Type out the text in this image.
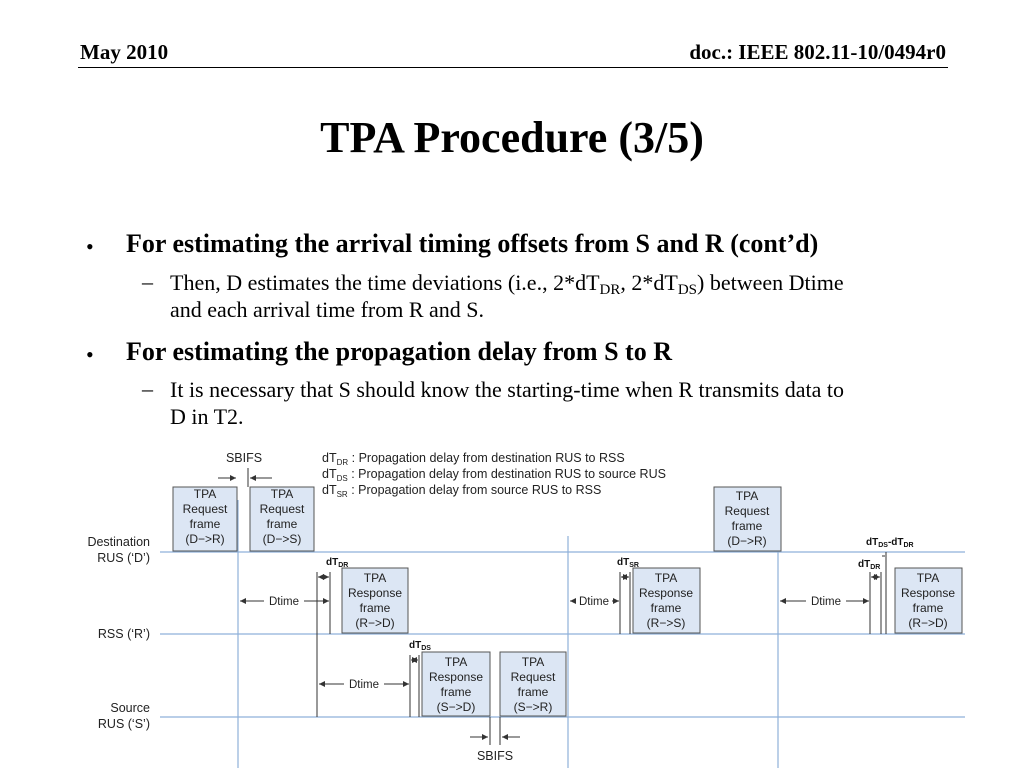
May 2010	doc.: IEEE 802.11-10/0494r0
TPA Procedure (3/5)
• For estimating the arrival timing offsets from S and R (cont’d)
– Then, D estimates the time deviations (i.e., $2*dT_{DR}$, $2*dT_{DS}$) between Dtime
and each arrival time from R and S.
• For estimating the propagation delay from S to R
– It is necessary that S should know the starting-time when R transmits data to
D in T2.
$dT_{DR}$ : Propagation delay from destination RUS to RSS
$dT_{DS}$ : Propagation delay from destination RUS to source RUS
$dT_{SR}$ : Propagation delay from source RUS to RSS
Destination
RUS (‘D’)
RSS (‘R’)
Source
RUS (‘S’)
TPA
Request
frame
(D−>R)
TPA
Request
frame
(D−>S)
TPA
Response
frame
(R−>D)
TPA
Response
frame
(S−>D)
TPA
Request
frame
(S−>R)
TPA
Response
frame
(R−>S)
TPA
Request
frame
(D−>R)
TPA
Response
frame
(R−>D)
Dtime
Dtime
Dtime	Dtime
SBIFS
SBIFS
$dT_{DR}$
$dT_{DS}$
$dT_{SR}$	$dT_{DR}$
$dT_{DS}-dT_{DR}$
